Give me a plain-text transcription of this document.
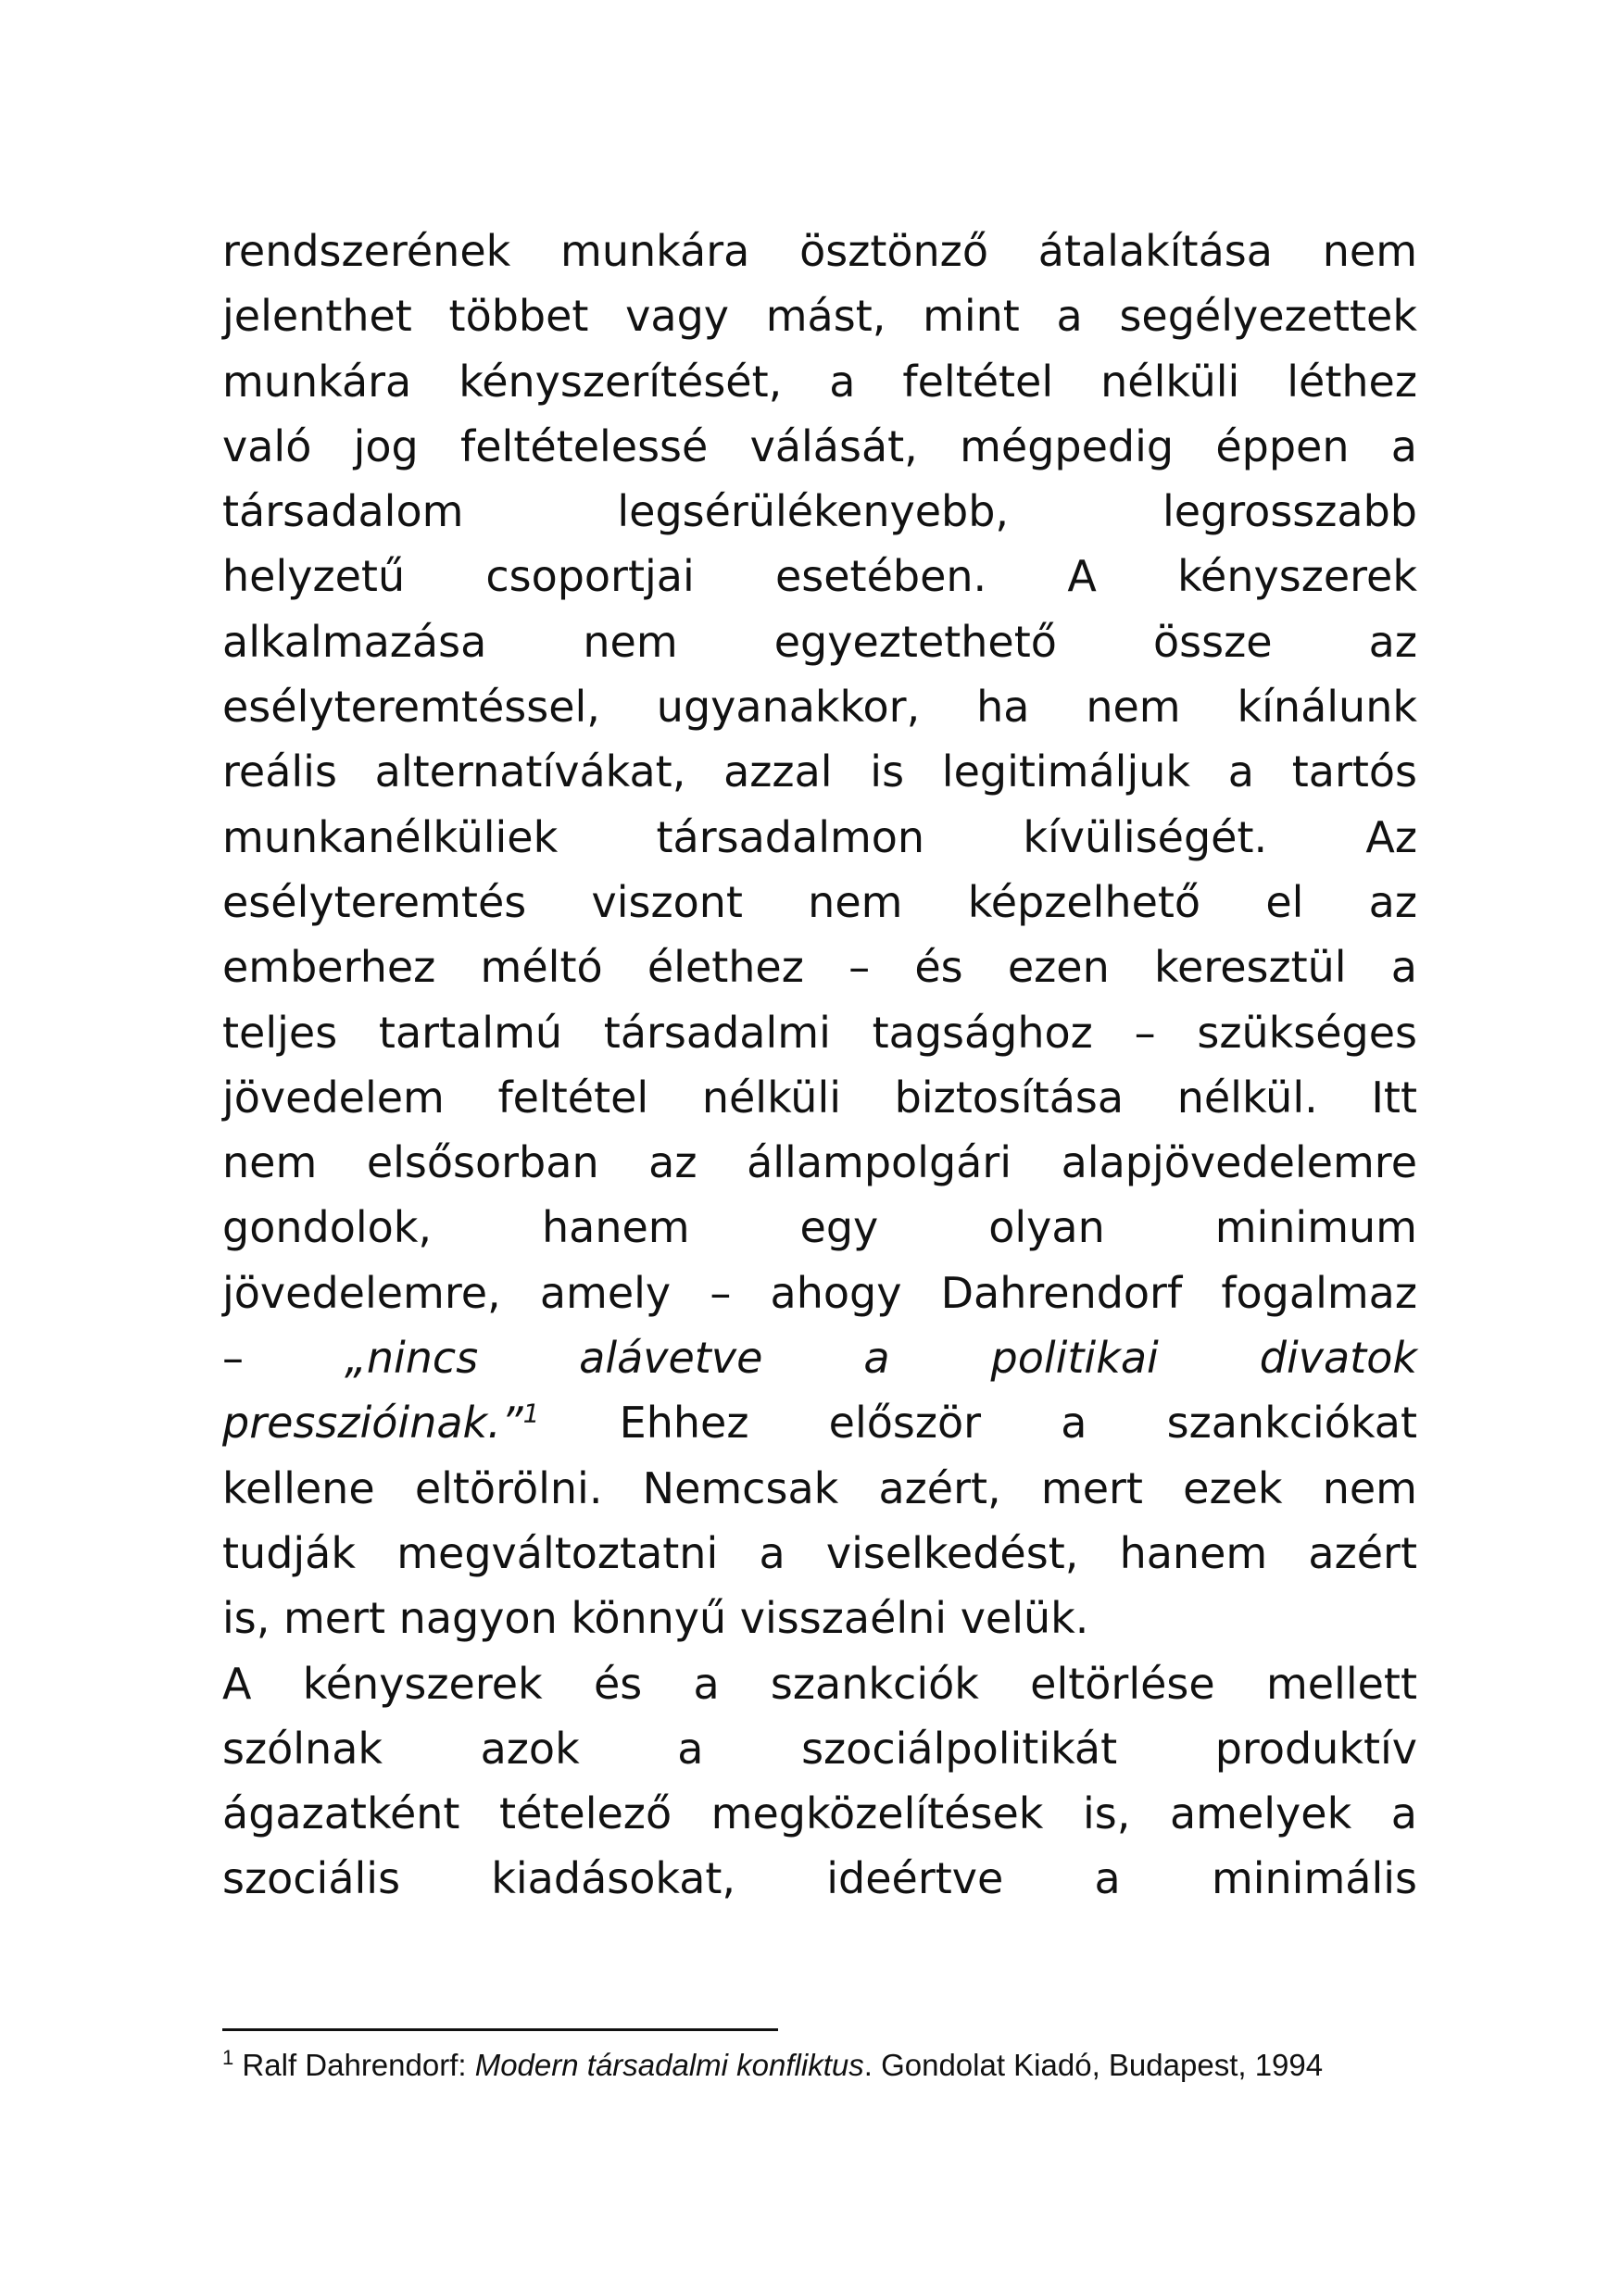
rendszerének munkára ösztönző átalakítása nem
jelenthet többet vagy mást, mint a segélyezettek
munkára kényszerítését, a feltétel nélküli léthez
való jog feltételessé válását, mégpedig éppen a
társadalom legsérülékenyebb, legrosszabb
helyzetű csoportjai esetében. A kényszerek
alkalmazása nem egyeztethető össze az
esélyteremtéssel, ugyanakkor, ha nem kínálunk
reális alternatívákat, azzal is legitimáljuk a tartós
munkanélküliek társadalmon kívüliségét. Az
esélyteremtés viszont nem képzelhető el az
emberhez méltó élethez – és ezen keresztül a
teljes tartalmú társadalmi tagsághoz – szükséges
jövedelem feltétel nélküli biztosítása nélkül. Itt
nem elsősorban az állampolgári alapjövedelemre
gondolok, hanem egy olyan minimum
jövedelemre, amely – ahogy Dahrendorf fogalmaz
– „nincs alávetve a politikai divatok
presszióinak.”$^1$ Ehhez először a szankciókat
kellene eltörölni. Nemcsak azért, mert ezek nem
tudják megváltoztatni a viselkedést, hanem azért
is, mert nagyon könnyű visszaélni velük.
A kényszerek és a szankciók eltörlése mellett
szólnak azok a szociálpolitikát produktív
ágazatként tételező megközelítések is, amelyek a
szociális kiadásokat, ideértve a minimális
$^1$ Ralf Dahrendorf: Modern társadalmi konfliktus. Gondolat Kiadó, Budapest, 1994
